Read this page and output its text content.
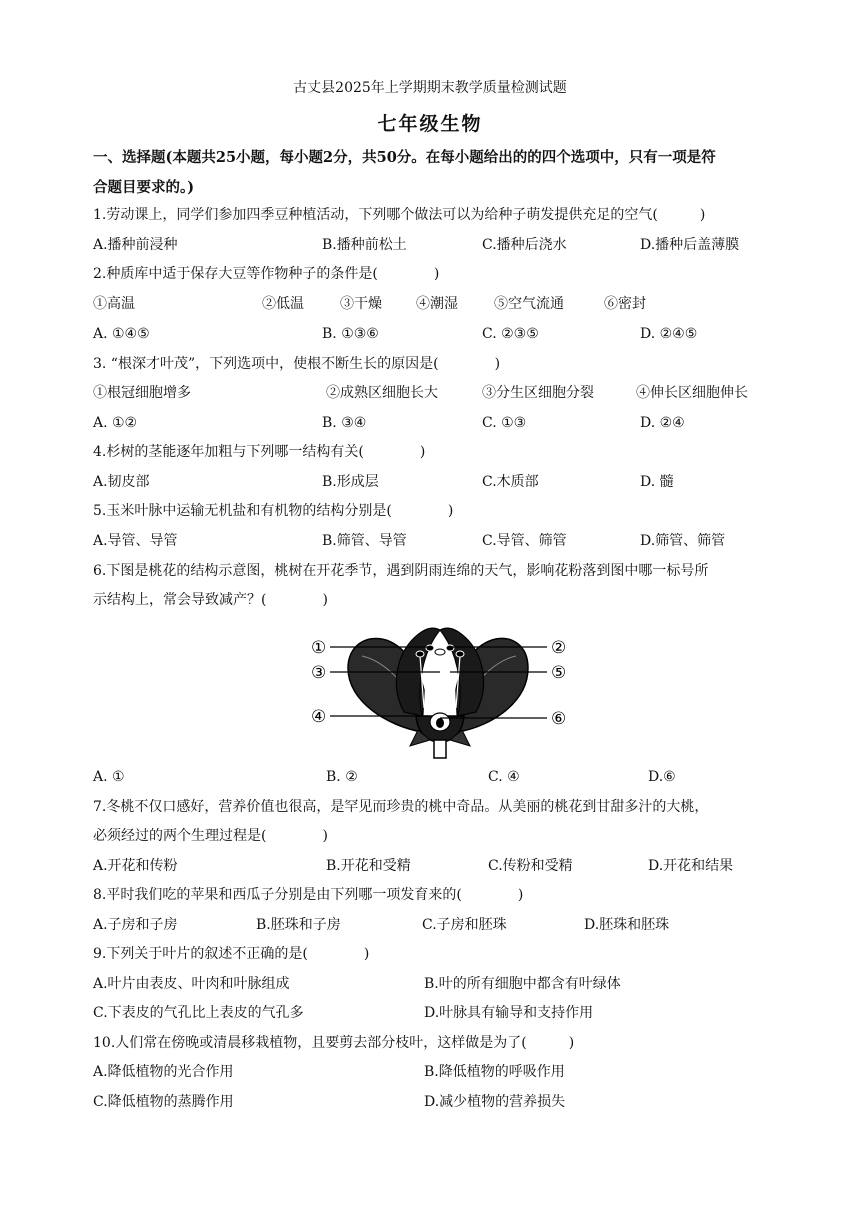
古丈县2025年上学期期末教学质量检测试题
七年级生物
一、选择题(本题共25小题，每小题2分，共50分。在每小题给出的的四个选项中，只有一项是符
合题目要求的。)
1.劳动课上，同学们参加四季豆种植活动，下列哪个做法可以为给种子萌发提供充足的空气(　　　)
A.播种前浸种	B.播种前松土	C.播种后浇水	D.播种后盖薄膜
2.种质库中适于保存大豆等作物种子的条件是(　　　　)
①高温	②低温	③干燥 ④潮湿	⑤空气流通	⑥密封
A. ①④⑤	B. ①③⑥	C. ②③⑤	D. ②④⑤
3. “根深才叶茂”，下列选项中，使根不断生长的原因是(　　　　)
①根冠细胞增多	②成熟区细胞长大	③分生区细胞分裂	④伸长区细胞伸长
A. ①②	B. ③④	C. ①③	D. ②④
4.杉树的茎能逐年加粗与下列哪一结构有关(　　　　)
A.韧皮部	B.形成层	C.木质部	D. 髓
5.玉米叶脉中运输无机盐和有机物的结构分别是(　　　　)
A.导管、导管	B.筛管、导管	C.导管、筛管	D.筛管、筛管
6.下图是桃花的结构示意图，桃树在开花季节，遇到阴雨连绵的天气，影响花粉落到图中哪一标号所
示结构上，常会导致减产？(　　　　)
①	②
③	⑤
④	⑥
A. ①	B. ②	C. ④	D.⑥
7.冬桃不仅口感好，营养价值也很高，是罕见而珍贵的桃中奇品。从美丽的桃花到甘甜多汁的大桃，
必须经过的两个生理过程是(　　　　)
A.开花和传粉	B.开花和受精	C.传粉和受精	D.开花和结果
8.平时我们吃的苹果和西瓜子分别是由下列哪一项发育来的(　　　　)
A.子房和子房	B.胚珠和子房	C.子房和胚珠	D.胚珠和胚珠
9.下列关于叶片的叙述不正确的是(　　　　)
A.叶片由表皮、叶肉和叶脉组成	B.叶的所有细胞中都含有叶绿体
C.下表皮的气孔比上表皮的气孔多	D.叶脉具有输导和支持作用
10.人们常在傍晚或清晨移栽植物，且要剪去部分枝叶，这样做是为了(　　　)
A.降低植物的光合作用	B.降低植物的呼吸作用
C.降低植物的蒸腾作用	D.减少植物的营养损失
